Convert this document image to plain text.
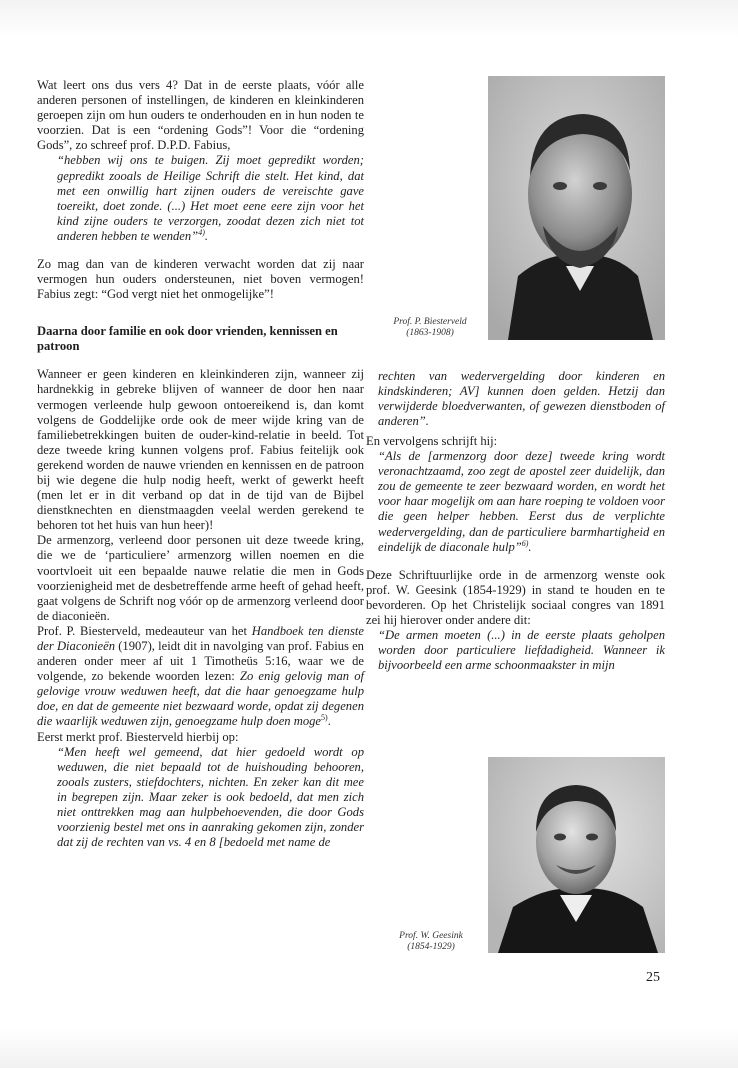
Wat leert ons dus vers 4? Dat in de eerste plaats, vóór alle anderen personen of instellingen, de kinderen en kleinkinderen geroepen zijn om hun ouders te onderhouden en in hun noden te voorzien. Dat is een “ordening Gods”! Voor die “ordening Gods”, zo schreef prof. D.P.D. Fabius,

“hebben wij ons te buigen. Zij moet gepredikt worden; gepredikt zooals de Heilige Schrift die stelt. Het kind, dat met een onwillig hart zijnen ouders de vereischte gave toereikt, doet zonde. (...) Het moet eene eere zijn voor het kind zijne ouders te verzorgen, zoodat dezen zich niet tot anderen hebben te wenden”$^{4)}$.

Zo mag dan van de kinderen verwacht worden dat zij naar vermogen hun ouders ondersteunen, niet boven vermogen! Fabius zegt: “God vergt niet het onmogelijke”!

Daarna door familie en ook door vrienden, kennissen en patroon

Wanneer er geen kinderen en kleinkinderen zijn, wanneer zij hardnekkig in gebreke blijven of wanneer de door hen naar vermogen verleende hulp gewoon ontoereikend is, dan komt volgens de Goddelijke orde ook de meer wijde kring van de familiebetrekkingen buiten de ouder-kind-relatie in beeld. Tot deze tweede kring kunnen volgens prof. Fabius feitelijk ook gerekend worden de nauwe vrienden en kennissen en de patroon bij wie degene die hulp nodig heeft, werkt of gewerkt heeft (men let er in dit verband op dat in de tijd van de Bijbel dienstknechten en dienstmaagden veelal werden gerekend te behoren tot het huis van hun heer)!

De armenzorg, verleend door personen uit deze tweede kring, die we de ‘particuliere’ armenzorg willen noemen en die voortvloeit uit een bepaalde nauwe relatie die men in Gods voorzienigheid met de desbetreffende arme heeft of gehad heeft, gaat volgens de Schrift nog vóór op de armenzorg verleend door de diaconieën.

Prof. P. Biesterveld, medeauteur van het Handboek ten dienste der Diaconieën (1907), leidt dit in navolging van prof. Fabius en anderen onder meer af uit 1 Timotheüs 5:16, waar we de volgende, zo bekende woorden lezen: Zo enig gelovig man of gelovige vrouw weduwen heeft, dat die haar genoegzame hulp doe, en dat de gemeente niet bezwaard worde, opdat zij degenen die waarlijk weduwen zijn, genoegzame hulp doen moge$^{5)}$.

Eerst merkt prof. Biesterveld hierbij op:

“Men heeft wel gemeend, dat hier gedoeld wordt op weduwen, die niet bepaald tot de huishouding behooren, zooals zusters, stiefdochters, nichten. En zeker kan dit mee in begrepen zijn. Maar zeker is ook bedoeld, dat men zich niet onttrekken mag aan hulpbehoevenden, die door Gods voorzienig bestel met ons in aanraking gekomen zijn, zonder dat zij de rechten van vs. 4 en 8 [bedoeld met name de

Prof. P. Biesterveld
(1863-1908)

rechten van wedervergelding door kinderen en kindskinderen; AV] kunnen doen gelden. Hetzij dan verwijderde bloedverwanten, of gewezen dienstboden of anderen”.

En vervolgens schrijft hij:

“Als de [armenzorg door deze] tweede kring wordt veronachtzaamd, zoo zegt de apostel zeer duidelijk, dan zou de gemeente te zeer bezwaard worden, en wordt het voor haar mogelijk om aan hare roeping te voldoen voor die geen helper hebben. Eerst dus de verplichte wedervergelding, dan de particuliere barmhartigheid en eindelijk de diaconale hulp”$^{6)}$.

Deze Schriftuurlijke orde in de armenzorg wenste ook prof. W. Geesink (1854-1929) in stand te houden en te bevorderen. Op het Christelijk sociaal congres van 1891 zei hij hierover onder andere dit:

“De armen moeten (...) in de eerste plaats geholpen worden door particuliere liefdadigheid. Wanneer ik bijvoorbeeld een arme schoonmaakster in mijn

Prof. W. Geesink
(1854-1929)
25
